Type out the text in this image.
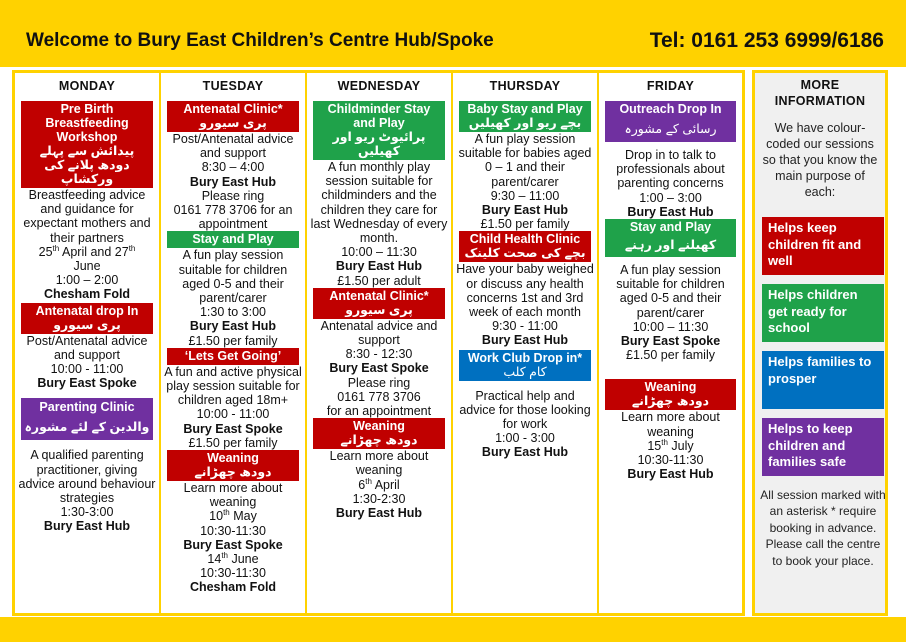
Welcome to Bury East Children’s Centre Hub/Spoke	Tel: 0161 253 6999/6186
MONDAY
Pre Birth Breastfeeding Workshop
پیدائش سے پہلے دودھ پلانے کی ورکشاپ
Breastfeeding advice and guidance for expectant mothers and their partners
25th April and 27th
June
1:00 – 2:00
Chesham Fold
Antenatal drop In
پری سیورو
Post/Antenatal advice and support
10:00 - 11:00
Bury East Spoke
Parenting Clinic
والدین کے لئے مشورہ
A qualified parenting practitioner, giving advice around behaviour strategies
1:30-3:00
Bury East Hub
TUESDAY
Antenatal Clinic*
پری سیورو
Post/Antenatal advice and support
8:30 – 4:00
Bury East Hub
Please ring
0161 778 3706 for an appointment
Stay and Play
A fun play session suitable for children aged 0-5 and their parent/carer
1:30 to 3:00
Bury East Hub
£1.50 per family
‘Lets Get Going’
A fun and active physical play session suitable for children aged 18m+
10:00 - 11:00
Bury East Spoke
£1.50 per family
Weaning
دودھ چھڑانے
Learn more about weaning
10th May
10:30-11:30
Bury East Spoke
14th June
10:30-11:30
Chesham Fold
WEDNESDAY
Childminder Stay and Play
پرائیوٹ ریو اور کھیلیں
A fun monthly play session suitable for childminders and the children they care for last Wednesday of every month.
10:00 – 11:30
Bury East Hub
£1.50 per adult
Antenatal Clinic*
پری سیورو
Antenatal advice and support
8:30 - 12:30
Bury East Spoke
Please ring
0161 778 3706
for an appointment
Weaning
دودھ چھڑانے
Learn more about weaning
6th April
1:30-2:30
Bury East Hub
THURSDAY
Baby Stay and Play
بچے ریو اور کھیلیں
A fun play session suitable for babies aged 0 – 1 and their parent/carer
9:30 – 11:00
Bury East Hub
£1.50 per family
Child Health Clinic
بچے کی صحت کلینک
Have your baby weighed or discuss any health concerns 1st and 3rd week of each month
9:30 - 11:00
Bury East Hub
Work Club Drop in*
کام کلب
Practical help and advice for those looking for work
1:00 - 3:00
Bury East Hub
FRIDAY
Outreach Drop In
رسائی کے مشورہ
Drop in to talk to professionals about parenting concerns
1:00 – 3:00
Bury East Hub
Stay and Play
کھیلنے اور رہنے
A fun play session suitable for children aged 0-5 and their parent/carer
10:00 – 11:30
Bury East Spoke
£1.50 per family
Weaning
دودھ چھڑانے
Learn more about weaning
15th July
10:30-11:30
Bury East Hub
MORE INFORMATION
We have colour-coded our sessions so that you know the main purpose of each:
Helps keep children fit and well
Helps children get ready for school
Helps families to prosper
Helps to keep children and families safe
All session marked with an asterisk * require booking in advance. Please call the centre to book your place.
